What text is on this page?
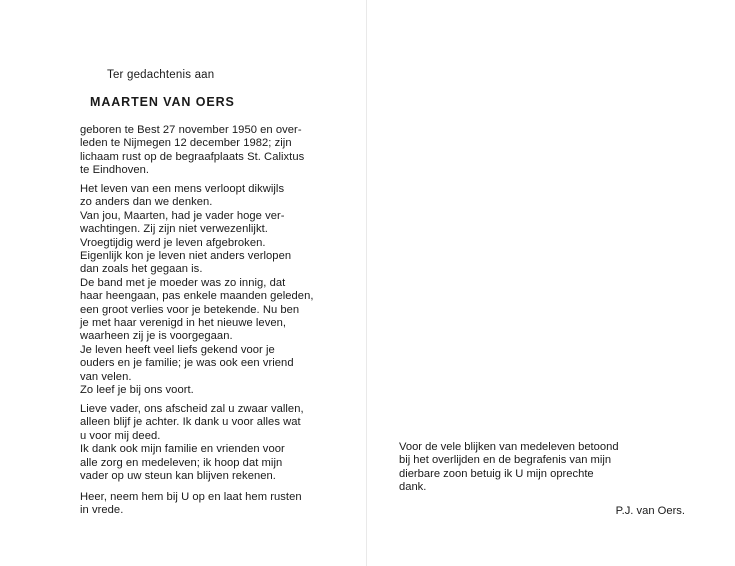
Ter gedachtenis aan
MAARTEN VAN OERS
geboren te Best 27 november 1950 en over-
leden te Nijmegen 12 december 1982; zijn
lichaam rust op de begraafplaats St. Calixtus
te Eindhoven.
Het leven van een mens verloopt dikwijls
zo anders dan we denken.
Van jou, Maarten, had je vader hoge ver-
wachtingen. Zij zijn niet verwezenlijkt.
Vroegtijdig werd je leven afgebroken.
Eigenlijk kon je leven niet anders verlopen
dan zoals het gegaan is.
De band met je moeder was zo innig, dat
haar heengaan, pas enkele maanden geleden,
een groot verlies voor je betekende. Nu ben
je met haar verenigd in het nieuwe leven,
waarheen zij je is voorgegaan.
Je leven heeft veel liefs gekend voor je
ouders en je familie; je was ook een vriend
van velen.
Zo leef je bij ons voort.
Lieve vader, ons afscheid zal u zwaar vallen,
alleen blijf je achter. Ik dank u voor alles wat
u voor mij deed.
Ik dank ook mijn familie en vrienden voor
alle zorg en medeleven; ik hoop dat mijn
vader op uw steun kan blijven rekenen.
Heer, neem hem bij U op en laat hem rusten
in vrede.
Voor de vele blijken van medeleven betoond
bij het overlijden en de begrafenis van mijn
dierbare zoon betuig ik U mijn oprechte
dank.
P.J. van Oers.
